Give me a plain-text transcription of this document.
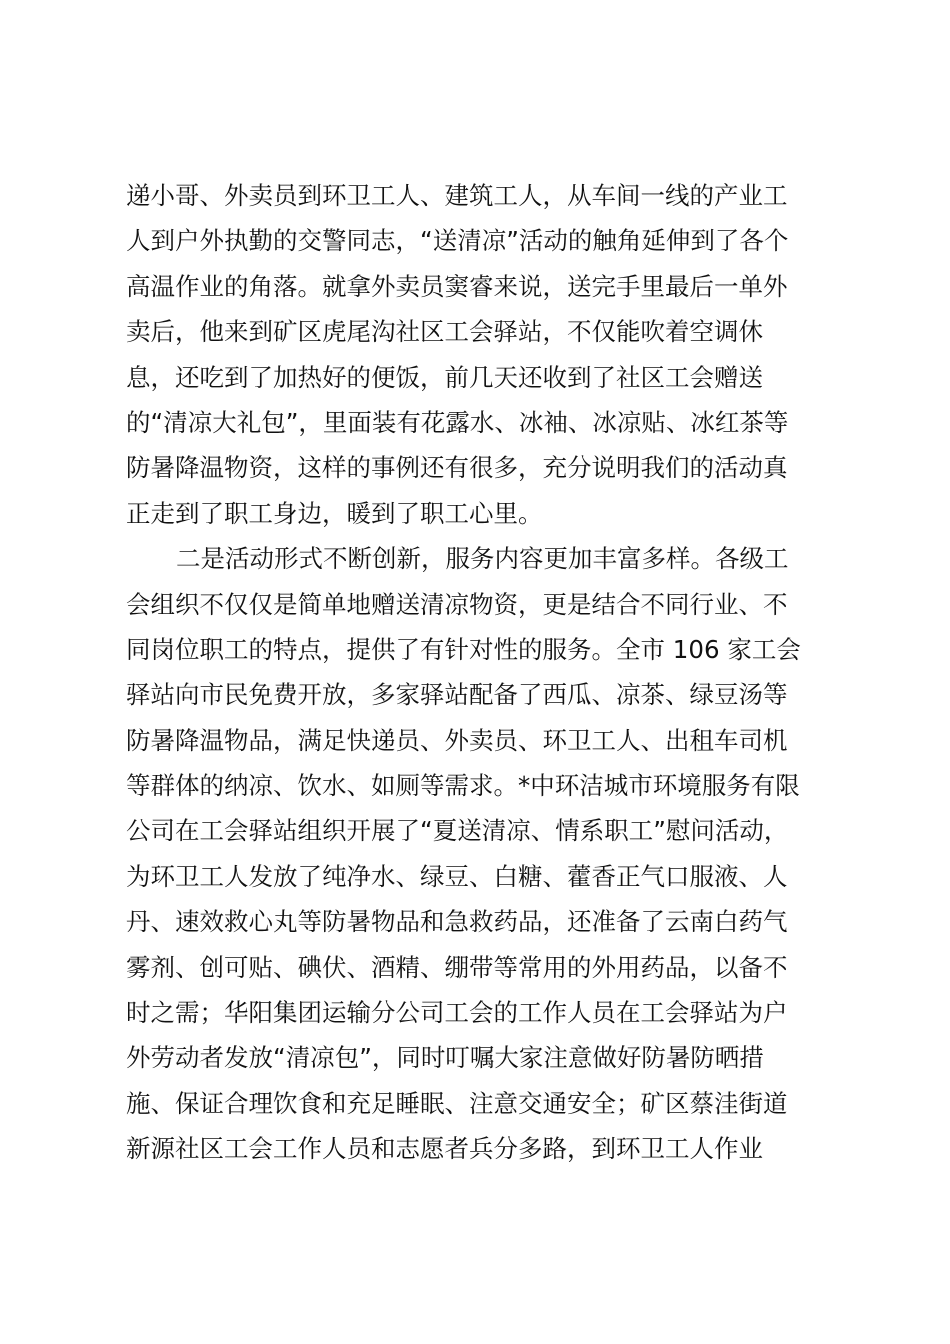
递小哥、外卖员到环卫工人、建筑工人，从车间一线的产业工
人到户外执勤的交警同志，“送清凉”活动的触角延伸到了各个
高温作业的角落。就拿外卖员窦睿来说，送完手里最后一单外
卖后，他来到矿区虎尾沟社区工会驿站，不仅能吹着空调休
息，还吃到了加热好的便饭，前几天还收到了社区工会赠送
的“清凉大礼包”，里面装有花露水、冰袖、冰凉贴、冰红茶等
防暑降温物资，这样的事例还有很多，充分说明我们的活动真
正走到了职工身边，暖到了职工心里。
二是活动形式不断创新，服务内容更加丰富多样。各级工
会组织不仅仅是简单地赠送清凉物资，更是结合不同行业、不
同岗位职工的特点，提供了有针对性的服务。全市 106 家工会
驿站向市民免费开放，多家驿站配备了西瓜、凉茶、绿豆汤等
防暑降温物品，满足快递员、外卖员、环卫工人、出租车司机
等群体的纳凉、饮水、如厕等需求。*中环洁城市环境服务有限
公司在工会驿站组织开展了“夏送清凉、情系职工”慰问活动，
为环卫工人发放了纯净水、绿豆、白糖、藿香正气口服液、人
丹、速效救心丸等防暑物品和急救药品，还准备了云南白药气
雾剂、创可贴、碘伏、酒精、绷带等常用的外用药品，以备不
时之需；华阳集团运输分公司工会的工作人员在工会驿站为户
外劳动者发放“清凉包”，同时叮嘱大家注意做好防暑防晒措
施、保证合理饮食和充足睡眠、注意交通安全；矿区蔡洼街道
新源社区工会工作人员和志愿者兵分多路，到环卫工人作业
